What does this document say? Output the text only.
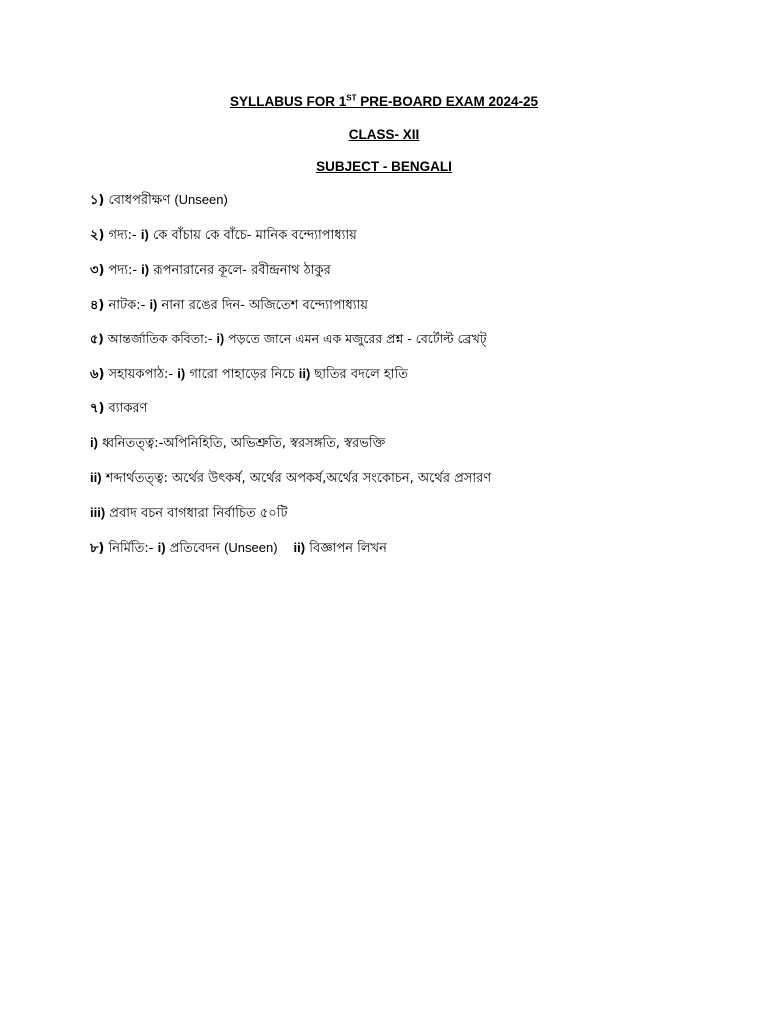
SYLLABUS FOR 1ST PRE-BOARD EXAM 2024-25
CLASS- XII
SUBJECT - BENGALI
১) বোধপরীক্ষণ (Unseen)
২) গদ্য:- i) কে বাঁচায় কে বাঁচে- মানিক বন্দ্যোপাধ্যায়
৩) পদ্য:- i) রূপনারানের কূলে- রবীন্দ্রনাথ ঠাকুর
৪) নাটক:- i) নানা রঙের দিন- অজিতেশ বন্দ্যোপাধ্যায়
৫) আন্তর্জাতিক কবিতা:- i) পড়তে জানে এমন এক মজুরের প্রশ্ন - বের্টোল্ট ব্রেখট্
৬) সহায়কপাঠ:- i) গারো পাহাড়ের নিচে ii) ছাতির বদলে হাতি
৭) ব্যাকরণ
i) ধ্বনিতত্ত্ব:-অপিনিহিতি, অভিশ্রুতি, স্বরসঙ্গতি, স্বরভক্তি
ii) শব্দার্থতত্ত্ব: অর্থের উৎকর্ষ, অর্থের অপকর্ষ,অর্থের সংকোচন, অর্থের প্রসারণ
iii) প্রবাদ বচন বাগধারা নির্বাচিত ৫০টি
৮) নির্মিতি:- i) প্রতিবেদন (Unseen) ii) বিজ্ঞাপন লিখন
